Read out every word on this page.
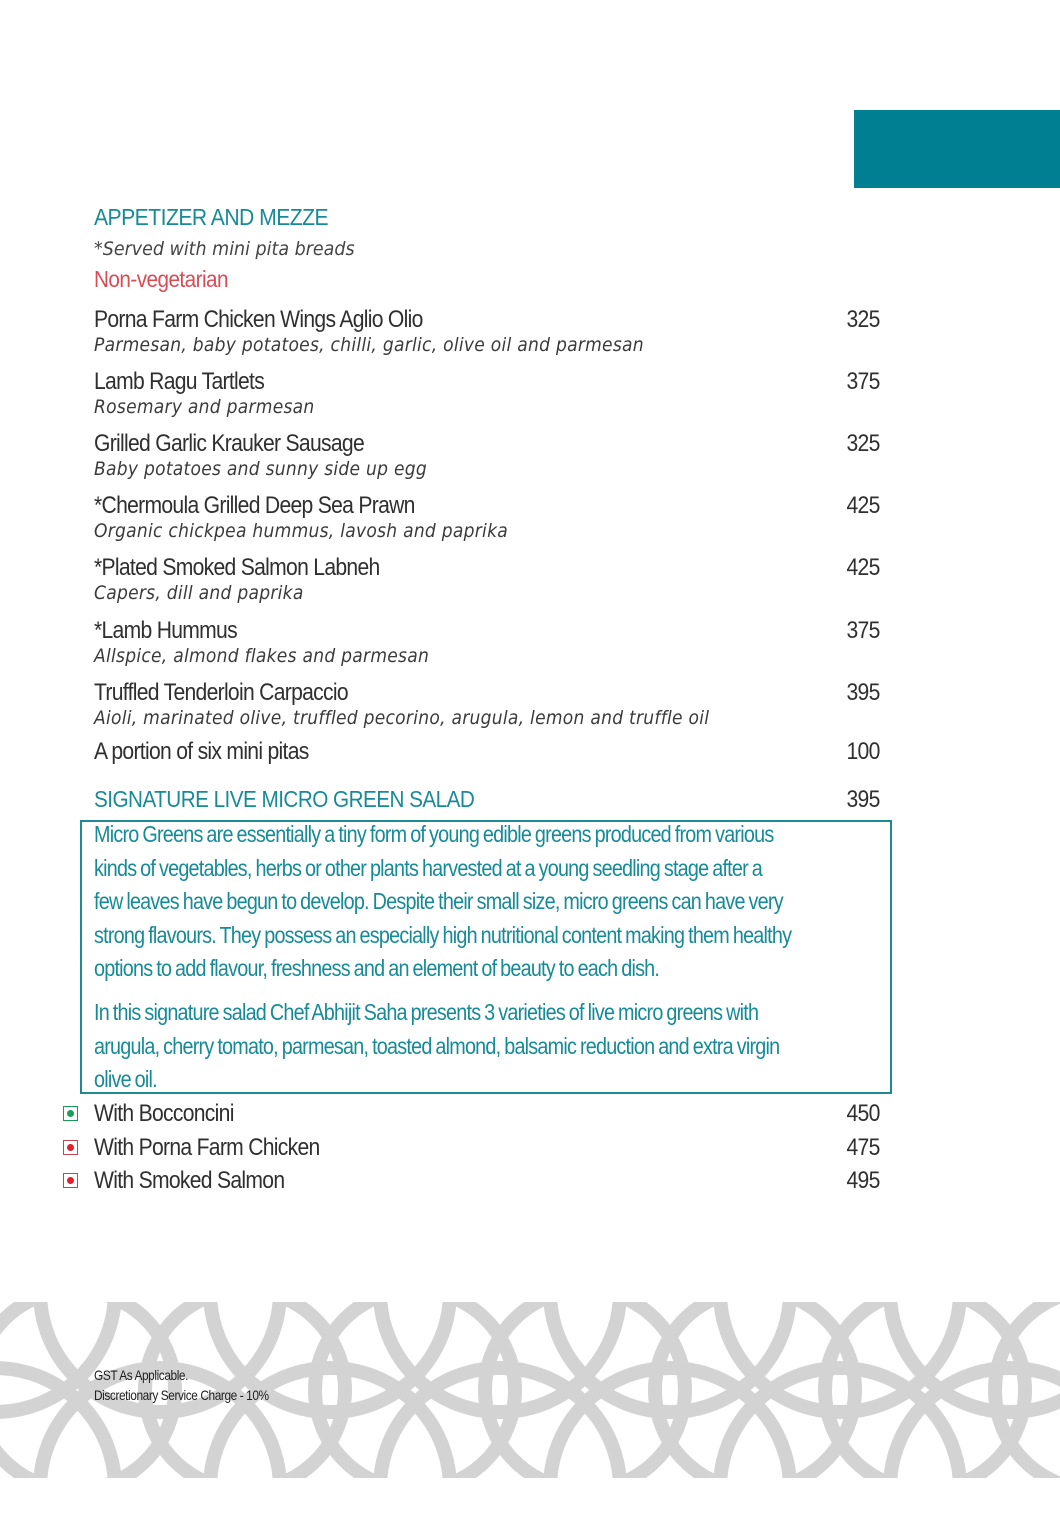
APPETIZER AND MEZZE
*Served with mini pita breads
Non-vegetarian
Porna Farm Chicken Wings Aglio Olio	325

Parmesan, baby potatoes, chilli, garlic, olive oil and parmesan
Lamb Ragu Tartlets	375

Rosemary and parmesan
Grilled Garlic Krauker Sausage	325

Baby potatoes and sunny side up egg
*Chermoula Grilled Deep Sea Prawn	425

Organic chickpea hummus, lavosh and paprika
*Plated Smoked Salmon Labneh	425

Capers, dill and paprika
*Lamb Hummus	375

Allspice, almond flakes and parmesan
Truffled Tenderloin Carpaccio	395

Aioli, marinated olive, truffled pecorino, arugula, lemon and truffle oil
A portion of six mini pitas	100
SIGNATURE LIVE MICRO GREEN SALAD	395
With Bocconcini	450
With Porna Farm Chicken	475
With Smoked Salmon	495
Micro Greens are essentially a tiny form of young edible greens produced from various
kinds of vegetables, herbs or other plants harvested at a young seedling stage after a
few leaves have begun to develop. Despite their small size, micro greens can have very
strong flavours. They possess an especially high nutritional content making them healthy
options to add flavour, freshness and an element of beauty to each dish.
In this signature salad Chef Abhijit Saha presents 3 varieties of live micro greens with
arugula, cherry tomato, parmesan, toasted almond, balsamic reduction and extra virgin
olive oil.
GST As Applicable.
Discretionary Service Charge - 10%
